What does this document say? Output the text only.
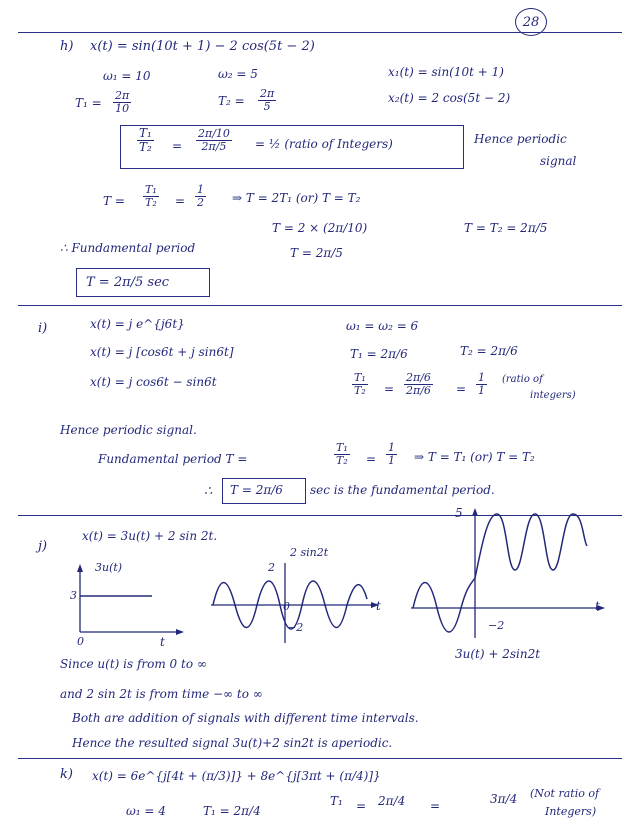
28
h) x(t) = sin(10t + 1) − 2 cos(5t − 2)
ω₁ = 10	ω₂ = 5	x₁(t) = sin(10t + 1)
$T_1 = \frac{2\pi}{10}$	$T_2 = \frac{2\pi}{5}$	x₂(t) = 2 cos(5t − 2)
$\frac{\text{T₁}}{\text{T₂}} = \frac{2\pi/10}{2\pi/5}$ = ½ (ratio of Integers)	Hence periodic
signal
$T = \frac{\text{T₁}}{\text{T₂}} = \frac{1}{2}$ ⇒ T = 2T₁ (or) T = T₂
T = 2 × (2π/10)	T = T₂ = 2π/5
T = 2π/5
∴ Fundamental period
T = 2π/5 sec
i)	x(t) = j e^{j6t}
x(t) = j [cos6t + j sin6t]
x(t) = j cos6t − sin6t
ω₁ = ω₂ = 6
T₁ = 2π/6	T₂ = 2π/6
$\frac{\text{T₁}}{\text{T₂}} = \frac{2\pi/6}{2\pi/6} = \frac{1}{1}$ (ratio of
integers)
Hence periodic signal.
Fundamental period T =	$\frac{\text{T₁}}{\text{T₂}} = \frac{1}{1}$ ⇒ T = T₁ (or) T = T₂
∴ T = 2π/6 sec is the fundamental period.
j)
x(t) = 3u(t) + 2 sin 2t.
3u(t)
3
0	t
2 sin2t
2
−2
0	t
5
−2
t
3u(t) + 2sin2t
Since u(t) is from 0 to ∞
and 2 sin 2t is from time −∞ to ∞
Both are addition of signals with different time intervals.
Hence the resulted signal 3u(t)+2 sin2t is aperiodic.
k) x(t) = 6e^{j[4t + (π/3)]} + 8e^{j[3πt + (π/4)]}
ω₁ = 4	T₁ = 2π/4
T₁ = 2π/4 =	3π/4 (Not ratio of
Integers)
